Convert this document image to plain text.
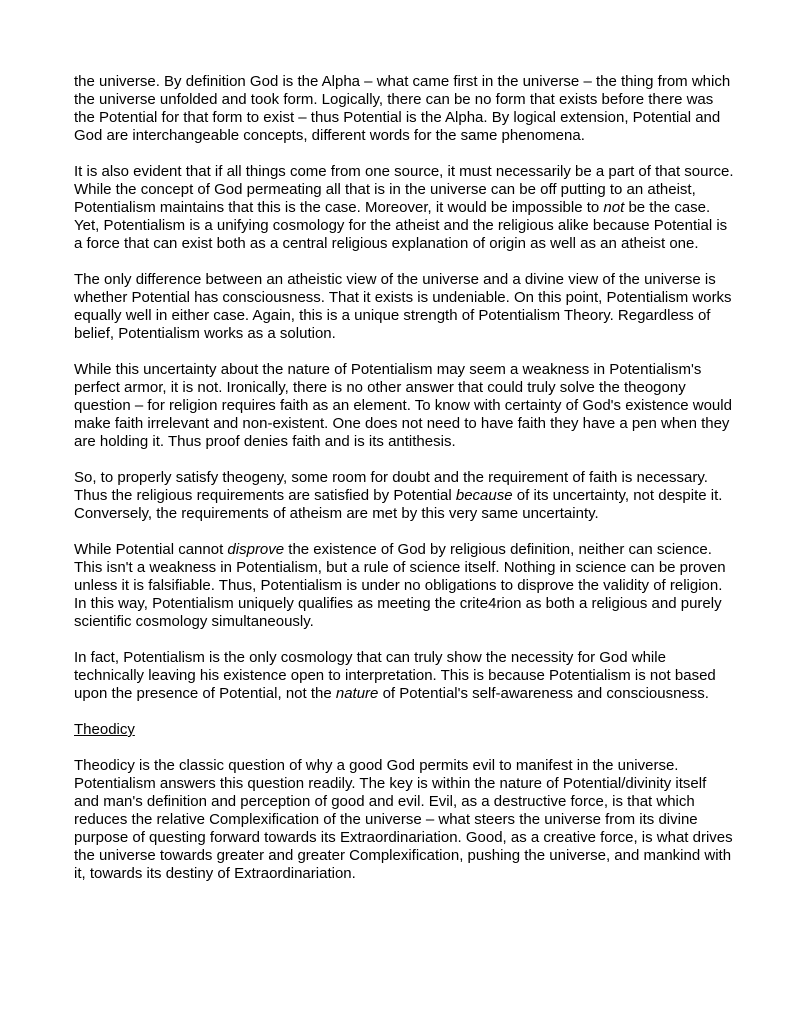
the universe. By definition God is the Alpha – what came first in the universe – the thing from which the universe unfolded and took form. Logically, there can be no form that exists before there was the Potential for that form to exist – thus Potential is the Alpha. By logical extension, Potential and God are interchangeable concepts, different words for the same phenomena.

It is also evident that if all things come from one source, it must necessarily be a part of that source. While the concept of God permeating all that is in the universe can be off putting to an atheist, Potentialism maintains that this is the case. Moreover, it would be impossible to not be the case. Yet, Potentialism is a unifying cosmology for the atheist and the religious alike because Potential is a force that can exist both as a central religious explanation of origin as well as an atheist one.

The only difference between an atheistic view of the universe and a divine view of the universe is whether Potential has consciousness. That it exists is undeniable. On this point, Potentialism works equally well in either case. Again, this is a unique strength of Potentialism Theory. Regardless of belief, Potentialism works as a solution.

While this uncertainty about the nature of Potentialism may seem a weakness in Potentialism's perfect armor, it is not. Ironically, there is no other answer that could truly solve the theogony question – for religion requires faith as an element. To know with certainty of God's existence would make faith irrelevant and non-existent. One does not need to have faith they have a pen when they are holding it. Thus proof denies faith and is its antithesis.

So, to properly satisfy theogeny, some room for doubt and the requirement of faith is necessary. Thus the religious requirements are satisfied by Potential because of its uncertainty, not despite it. Conversely, the requirements of atheism are met by this very same uncertainty.

While Potential cannot disprove the existence of God by religious definition, neither can science. This isn't a weakness in Potentialism, but a rule of science itself. Nothing in science can be proven unless it is falsifiable. Thus, Potentialism is under no obligations to disprove the validity of religion. In this way, Potentialism uniquely qualifies as meeting the crite4rion as both a religious and purely scientific cosmology simultaneously.

In fact, Potentialism is the only cosmology that can truly show the necessity for God while technically leaving his existence open to interpretation. This is because Potentialism is not based upon the presence of Potential, not the nature of Potential's self-awareness and consciousness.

Theodicy

Theodicy is the classic question of why a good God permits evil to manifest in the universe. Potentialism answers this question readily. The key is within the nature of Potential/divinity itself and man's definition and perception of good and evil. Evil, as a destructive force, is that which reduces the relative Complexification of the universe – what steers the universe from its divine purpose of questing forward towards its Extraordinariation. Good, as a creative force, is what drives the universe towards greater and greater Complexification, pushing the universe, and mankind with it, towards its destiny of Extraordinariation.
